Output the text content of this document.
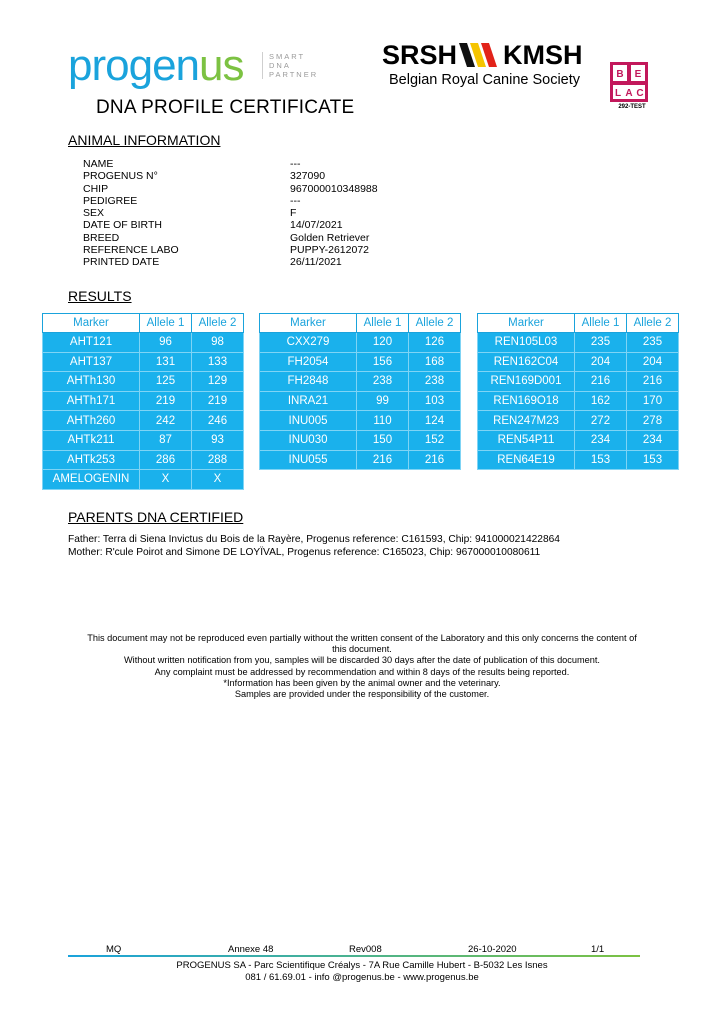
progenus	SMART
DNA
PARTNER
SRSH KMSH
Belgian Royal Canine Society	B E
L A C
292-TEST
DNA PROFILE CERTIFICATE
ANIMAL INFORMATION
NAME	---
PROGENUS N°	327090
CHIP	967000010348988
PEDIGREE	---
SEX	F
DATE OF BIRTH	14/07/2021
BREED	Golden Retriever
REFERENCE LABO	PUPPY-2612072
PRINTED DATE	26/11/2021
RESULTS
Marker	Allele 1	Allele 2
AHT121	96	98
AHT137	131	133
AHTh130	125	129
AHTh171	219	219
AHTh260	242	246
AHTk211	87	93
AHTk253	286	288
AMELOGENIN	X	X
Marker	Allele 1	Allele 2
CXX279	120	126
FH2054	156	168
FH2848	238	238
INRA21	99	103
INU005	110	124
INU030	150	152
INU055	216	216
Marker	Allele 1	Allele 2
REN105L03	235	235
REN162C04	204	204
REN169D001	216	216
REN169O18	162	170
REN247M23	272	278
REN54P11	234	234
REN64E19	153	153
PARENTS DNA CERTIFIED
Father: Terra di Siena Invictus du Bois de la Rayère, Progenus reference: C161593, Chip: 941000021422864
Mother: R'cule Poirot and Simone DE LOYÏVAL, Progenus reference: C165023, Chip: 967000010080611
This document may not be reproduced even partially without the written consent of the Laboratory and this only concerns the content of
this document.
Without written notification from you, samples will be discarded 30 days after the date of publication of this document.
Any complaint must be addressed by recommendation and within 8 days of the results being reported.
*Information has been given by the animal owner and the veterinary.
Samples are provided under the responsibility of the customer.
MQ	Annexe 48	Rev008	26-10-2020	1/1
PROGENUS SA - Parc Scientifique Créalys - 7A Rue Camille Hubert - B-5032 Les Isnes
081 / 61.69.01 - info @progenus.be - www.progenus.be
